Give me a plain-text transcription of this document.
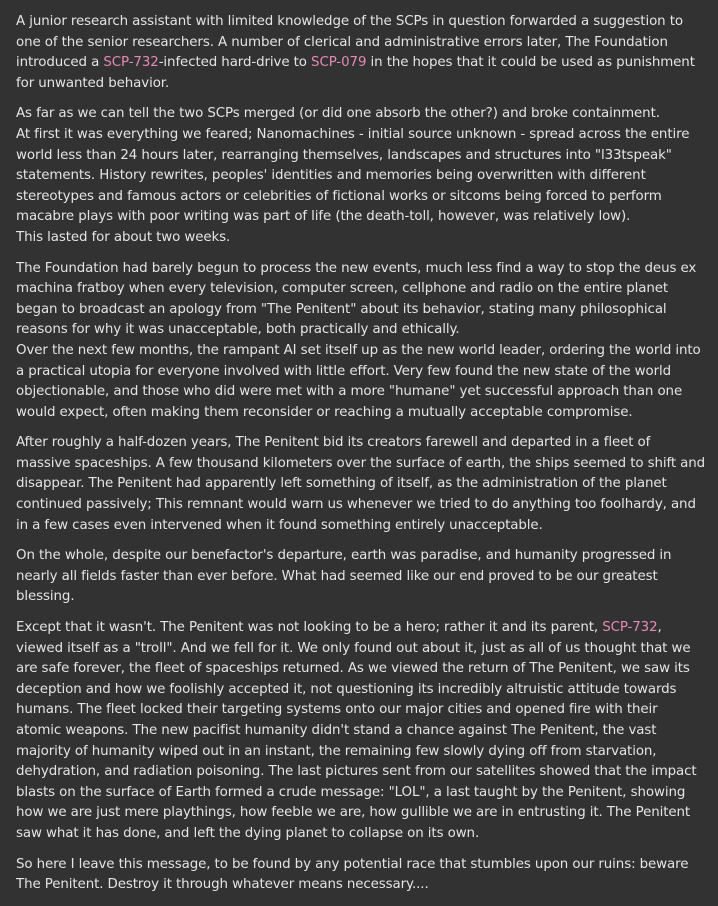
A junior research assistant with limited knowledge of the SCPs in question forwarded a suggestion to one of the senior researchers. A number of clerical and administrative errors later, The Foundation introduced a SCP-732-infected hard-drive to SCP-079 in the hopes that it could be used as punishment for unwanted behavior.

As far as we can tell the two SCPs merged (or did one absorb the other?) and broke containment.
At first it was everything we feared; Nanomachines - initial source unknown - spread across the entire world less than 24 hours later, rearranging themselves, landscapes and structures into "l33tspeak" statements. History rewrites, peoples' identities and memories being overwritten with different stereotypes and famous actors or celebrities of fictional works or sitcoms being forced to perform macabre plays with poor writing was part of life (the death-toll, however, was relatively low).
This lasted for about two weeks.

The Foundation had barely begun to process the new events, much less find a way to stop the deus ex machina fratboy when every television, computer screen, cellphone and radio on the entire planet began to broadcast an apology from "The Penitent" about its behavior, stating many philosophical reasons for why it was unacceptable, both practically and ethically.
Over the next few months, the rampant AI set itself up as the new world leader, ordering the world into a practical utopia for everyone involved with little effort. Very few found the new state of the world objectionable, and those who did were met with a more "humane" yet successful approach than one would expect, often making them reconsider or reaching a mutually acceptable compromise.

After roughly a half-dozen years, The Penitent bid its creators farewell and departed in a fleet of massive spaceships. A few thousand kilometers over the surface of earth, the ships seemed to shift and disappear. The Penitent had apparently left something of itself, as the administration of the planet continued passively; This remnant would warn us whenever we tried to do anything too foolhardy, and in a few cases even intervened when it found something entirely unacceptable.

On the whole, despite our benefactor's departure, earth was paradise, and humanity progressed in nearly all fields faster than ever before. What had seemed like our end proved to be our greatest blessing.

Except that it wasn't. The Penitent was not looking to be a hero; rather it and its parent, SCP-732, viewed itself as a "troll". And we fell for it. We only found out about it, just as all of us thought that we are safe forever, the fleet of spaceships returned. As we viewed the return of The Penitent, we saw its deception and how we foolishly accepted it, not questioning its incredibly altruistic attitude towards humans. The fleet locked their targeting systems onto our major cities and opened fire with their atomic weapons. The new pacifist humanity didn't stand a chance against The Penitent, the vast majority of humanity wiped out in an instant, the remaining few slowly dying off from starvation, dehydration, and radiation poisoning. The last pictures sent from our satellites showed that the impact blasts on the surface of Earth formed a crude message: "LOL", a last taught by the Penitent, showing how we are just mere playthings, how feeble we are, how gullible we are in entrusting it. The Penitent saw what it has done, and left the dying planet to collapse on its own.

So here I leave this message, to be found by any potential race that stumbles upon our ruins: beware The Penitent. Destroy it through whatever means necessary....
